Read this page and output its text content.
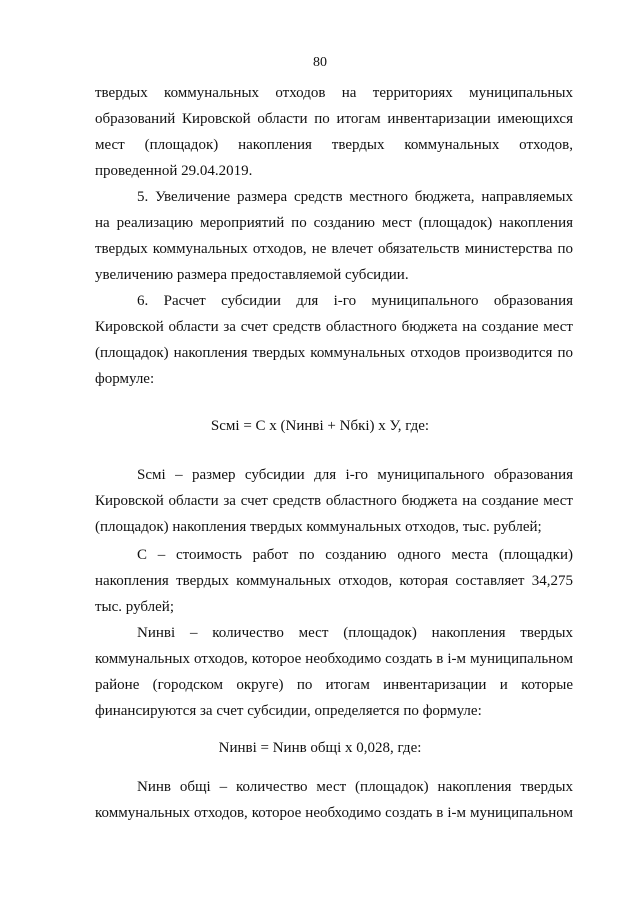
80
твердых коммунальных отходов на территориях муниципальных
образований Кировской области по итогам инвентаризации имеющихся
мест (площадок) накопления твердых коммунальных отходов,
проведенной 29.04.2019.
5. Увеличение размера средств местного бюджета, направляемых
на реализацию мероприятий по созданию мест (площадок) накопления
твердых коммунальных отходов, не влечет обязательств министерства по
увеличению размера предоставляемой субсидии.
6. Расчет субсидии для i-го муниципального образования
Кировской области за счет средств областного бюджета на создание мест
(площадок) накопления твердых коммунальных отходов производится по
формуле:
Scмi = С х (Nинвi + Nбкi) х У, где:
Scмi – размер субсидии для i-го муниципального образования
Кировской области за счет средств областного бюджета на создание мест
(площадок) накопления твердых коммунальных отходов, тыс. рублей;
С – стоимость работ по созданию одного места (площадки)
накопления твердых коммунальных отходов, которая составляет 34,275
тыс. рублей;
Nинвi – количество мест (площадок) накопления твердых
коммунальных отходов, которое необходимо создать в i-м муниципальном
районе (городском округе) по итогам инвентаризации и которые
финансируются за счет субсидии, определяется по формуле:
Nинвi = Nинв общi х 0,028, где:
Nинв общi – количество мест (площадок) накопления твердых
коммунальных отходов, которое необходимо создать в i-м муниципальном
